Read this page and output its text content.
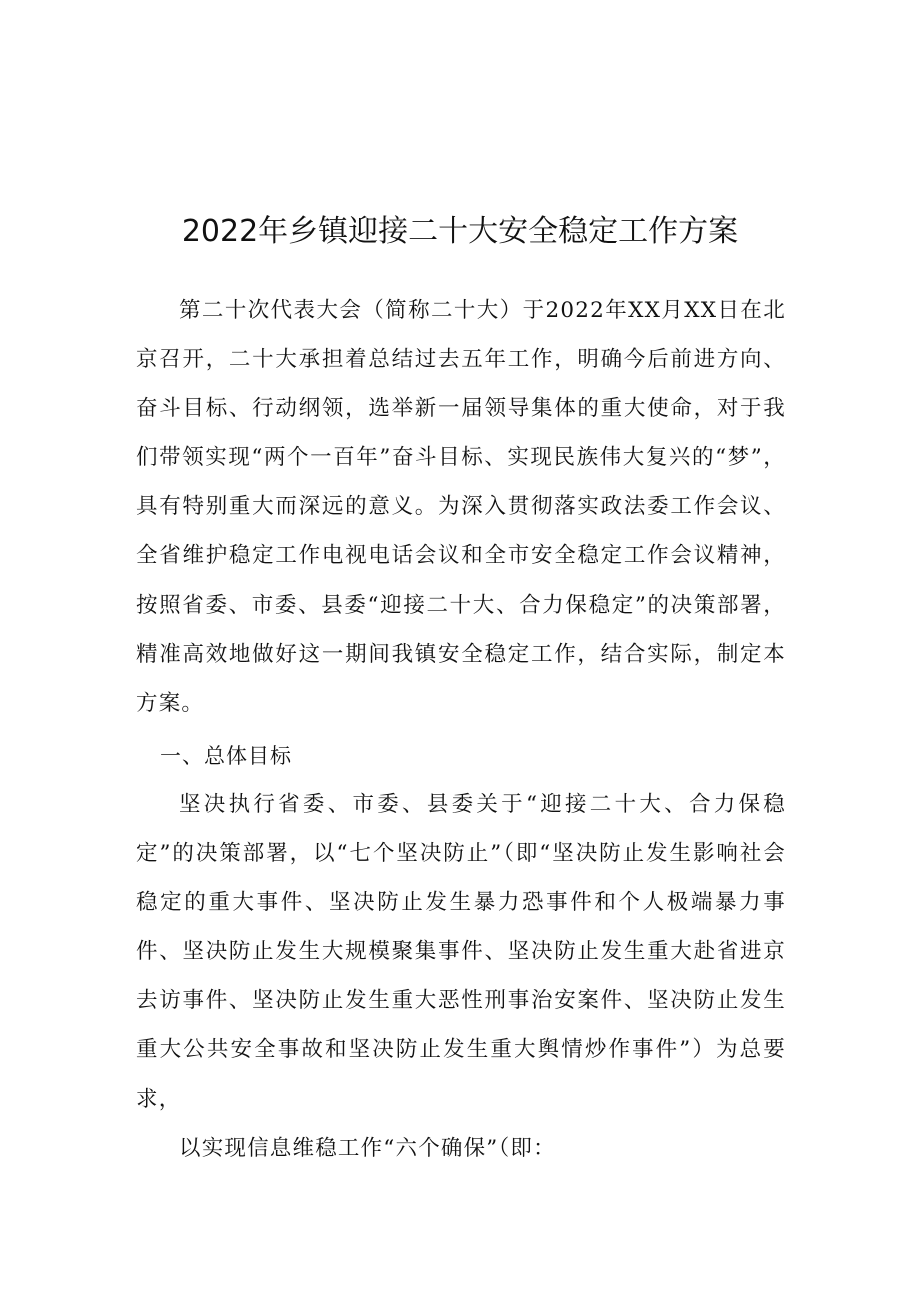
2022年乡镇迎接二十大安全稳定工作方案

第二十次代表大会（简称二十大）于2022年XX月XX日在北京召开，二十大承担着总结过去五年工作，明确今后前进方向、奋斗目标、行动纲领，选举新一届领导集体的重大使命，对于我们带领实现“两个一百年”奋斗目标、实现民族伟大复兴的“梦”，具有特别重大而深远的意义。为深入贯彻落实政法委工作会议、全省维护稳定工作电视电话会议和全市安全稳定工作会议精神，按照省委、市委、县委“迎接二十大、合力保稳定”的决策部署，精准高效地做好这一期间我镇安全稳定工作，结合实际，制定本方案。

一、总体目标

坚决执行省委、市委、县委关于“迎接二十大、合力保稳定”的决策部署，以“七个坚决防止”（即“坚决防止发生影响社会稳定的重大事件、坚决防止发生暴力恐事件和个人极端暴力事件、坚决防止发生大规模聚集事件、坚决防止发生重大赴省进京去访事件、坚决防止发生重大恶性刑事治安案件、坚决防止发生重大公共安全事故和坚决防止发生重大舆情炒作事件”）为总要求，
以实现信息维稳工作“六个确保”（即：
